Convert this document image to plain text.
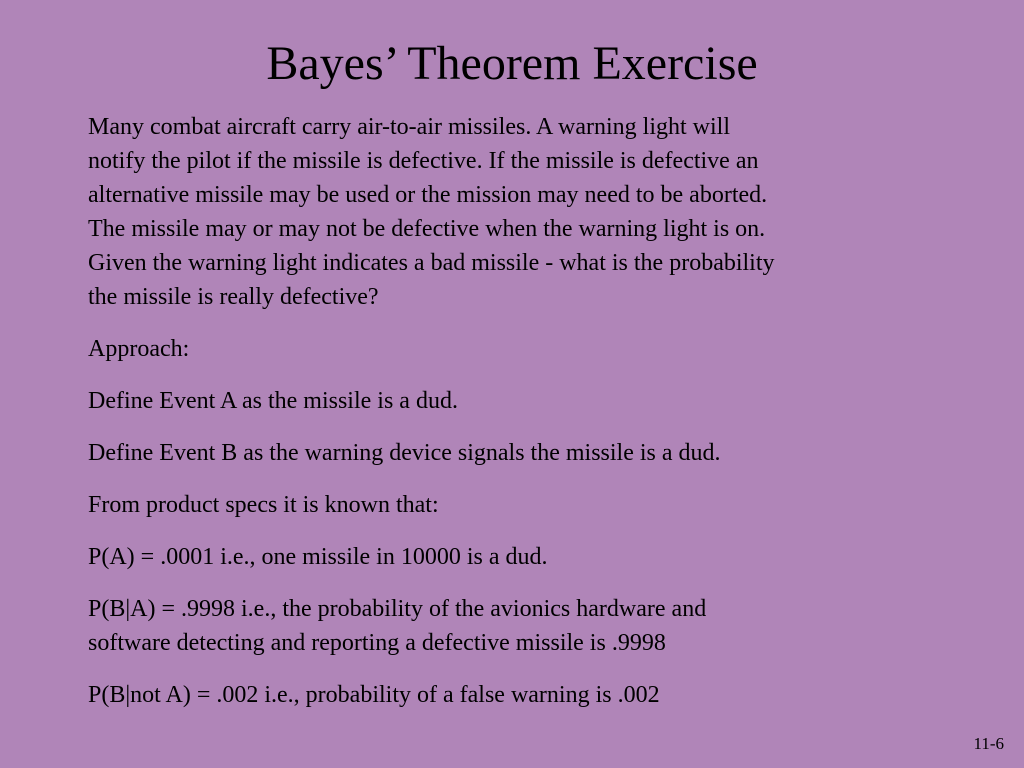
Bayes’ Theorem Exercise

Many combat aircraft carry air-to-air missiles. A warning light will
notify the pilot if the missile is defective. If the missile is defective an
alternative missile may be used or the mission may need to be aborted.
The missile may or may not be defective when the warning light is on.
Given the warning light indicates a bad missile - what is the probability
the missile is really defective?

Approach:

Define Event A as the missile is a dud.

Define Event B as the warning device signals the missile is a dud.

From product specs it is known that:

P(A) = .0001 i.e., one missile in 10000 is a dud.

P(B|A) = .9998 i.e., the probability of the avionics hardware and
software detecting and reporting a defective missile is .9998

P(B|not A) = .002 i.e., probability of a false warning is .002

11-6
